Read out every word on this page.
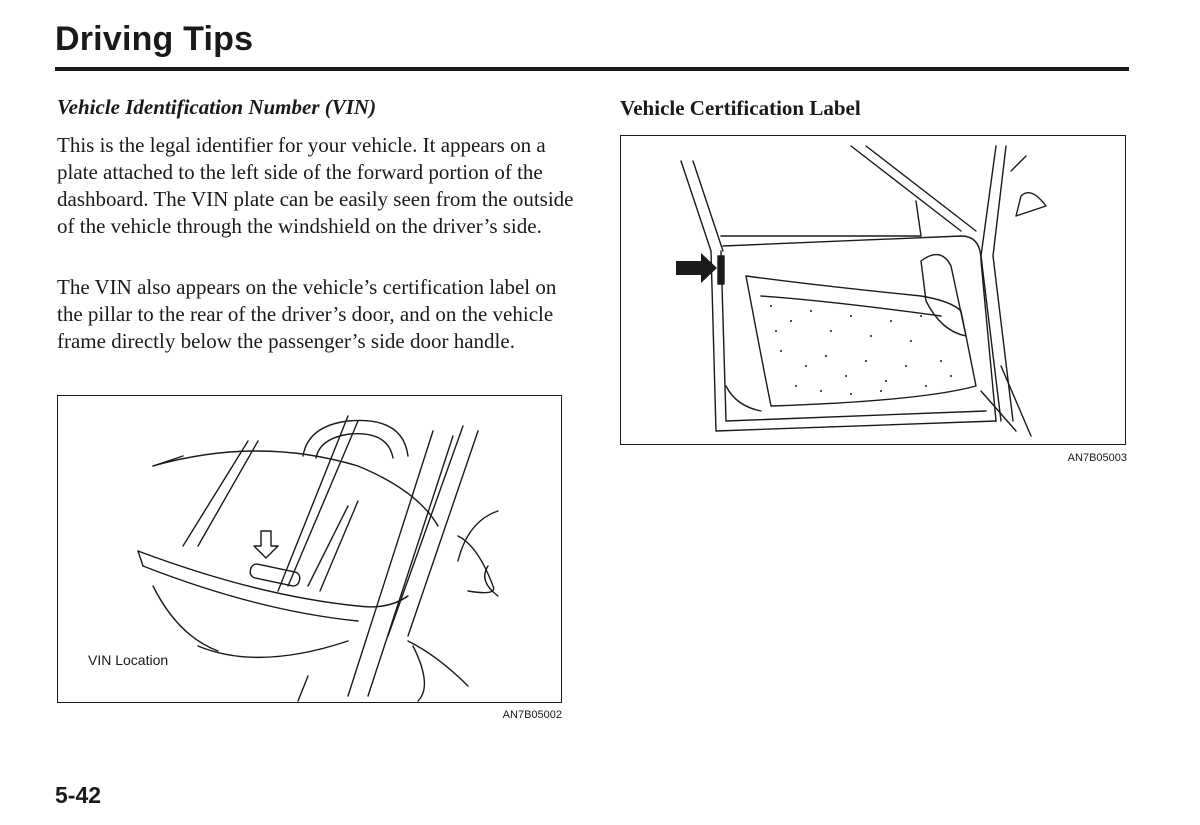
Driving Tips
Vehicle Identification Number (VIN)

This is the legal identifier for your vehicle. It appears on a plate attached to the left side of the forward portion of the dashboard. The VIN plate can be easily seen from the outside of the vehicle through the windshield on the driver’s side.

The VIN also appears on the vehicle’s certification label on the pillar to the rear of the driver’s door, and on the vehicle frame directly below the passenger’s side door handle.

VIN Location

AN7B05002

Vehicle Certification Label

AN7B05003

5-42
